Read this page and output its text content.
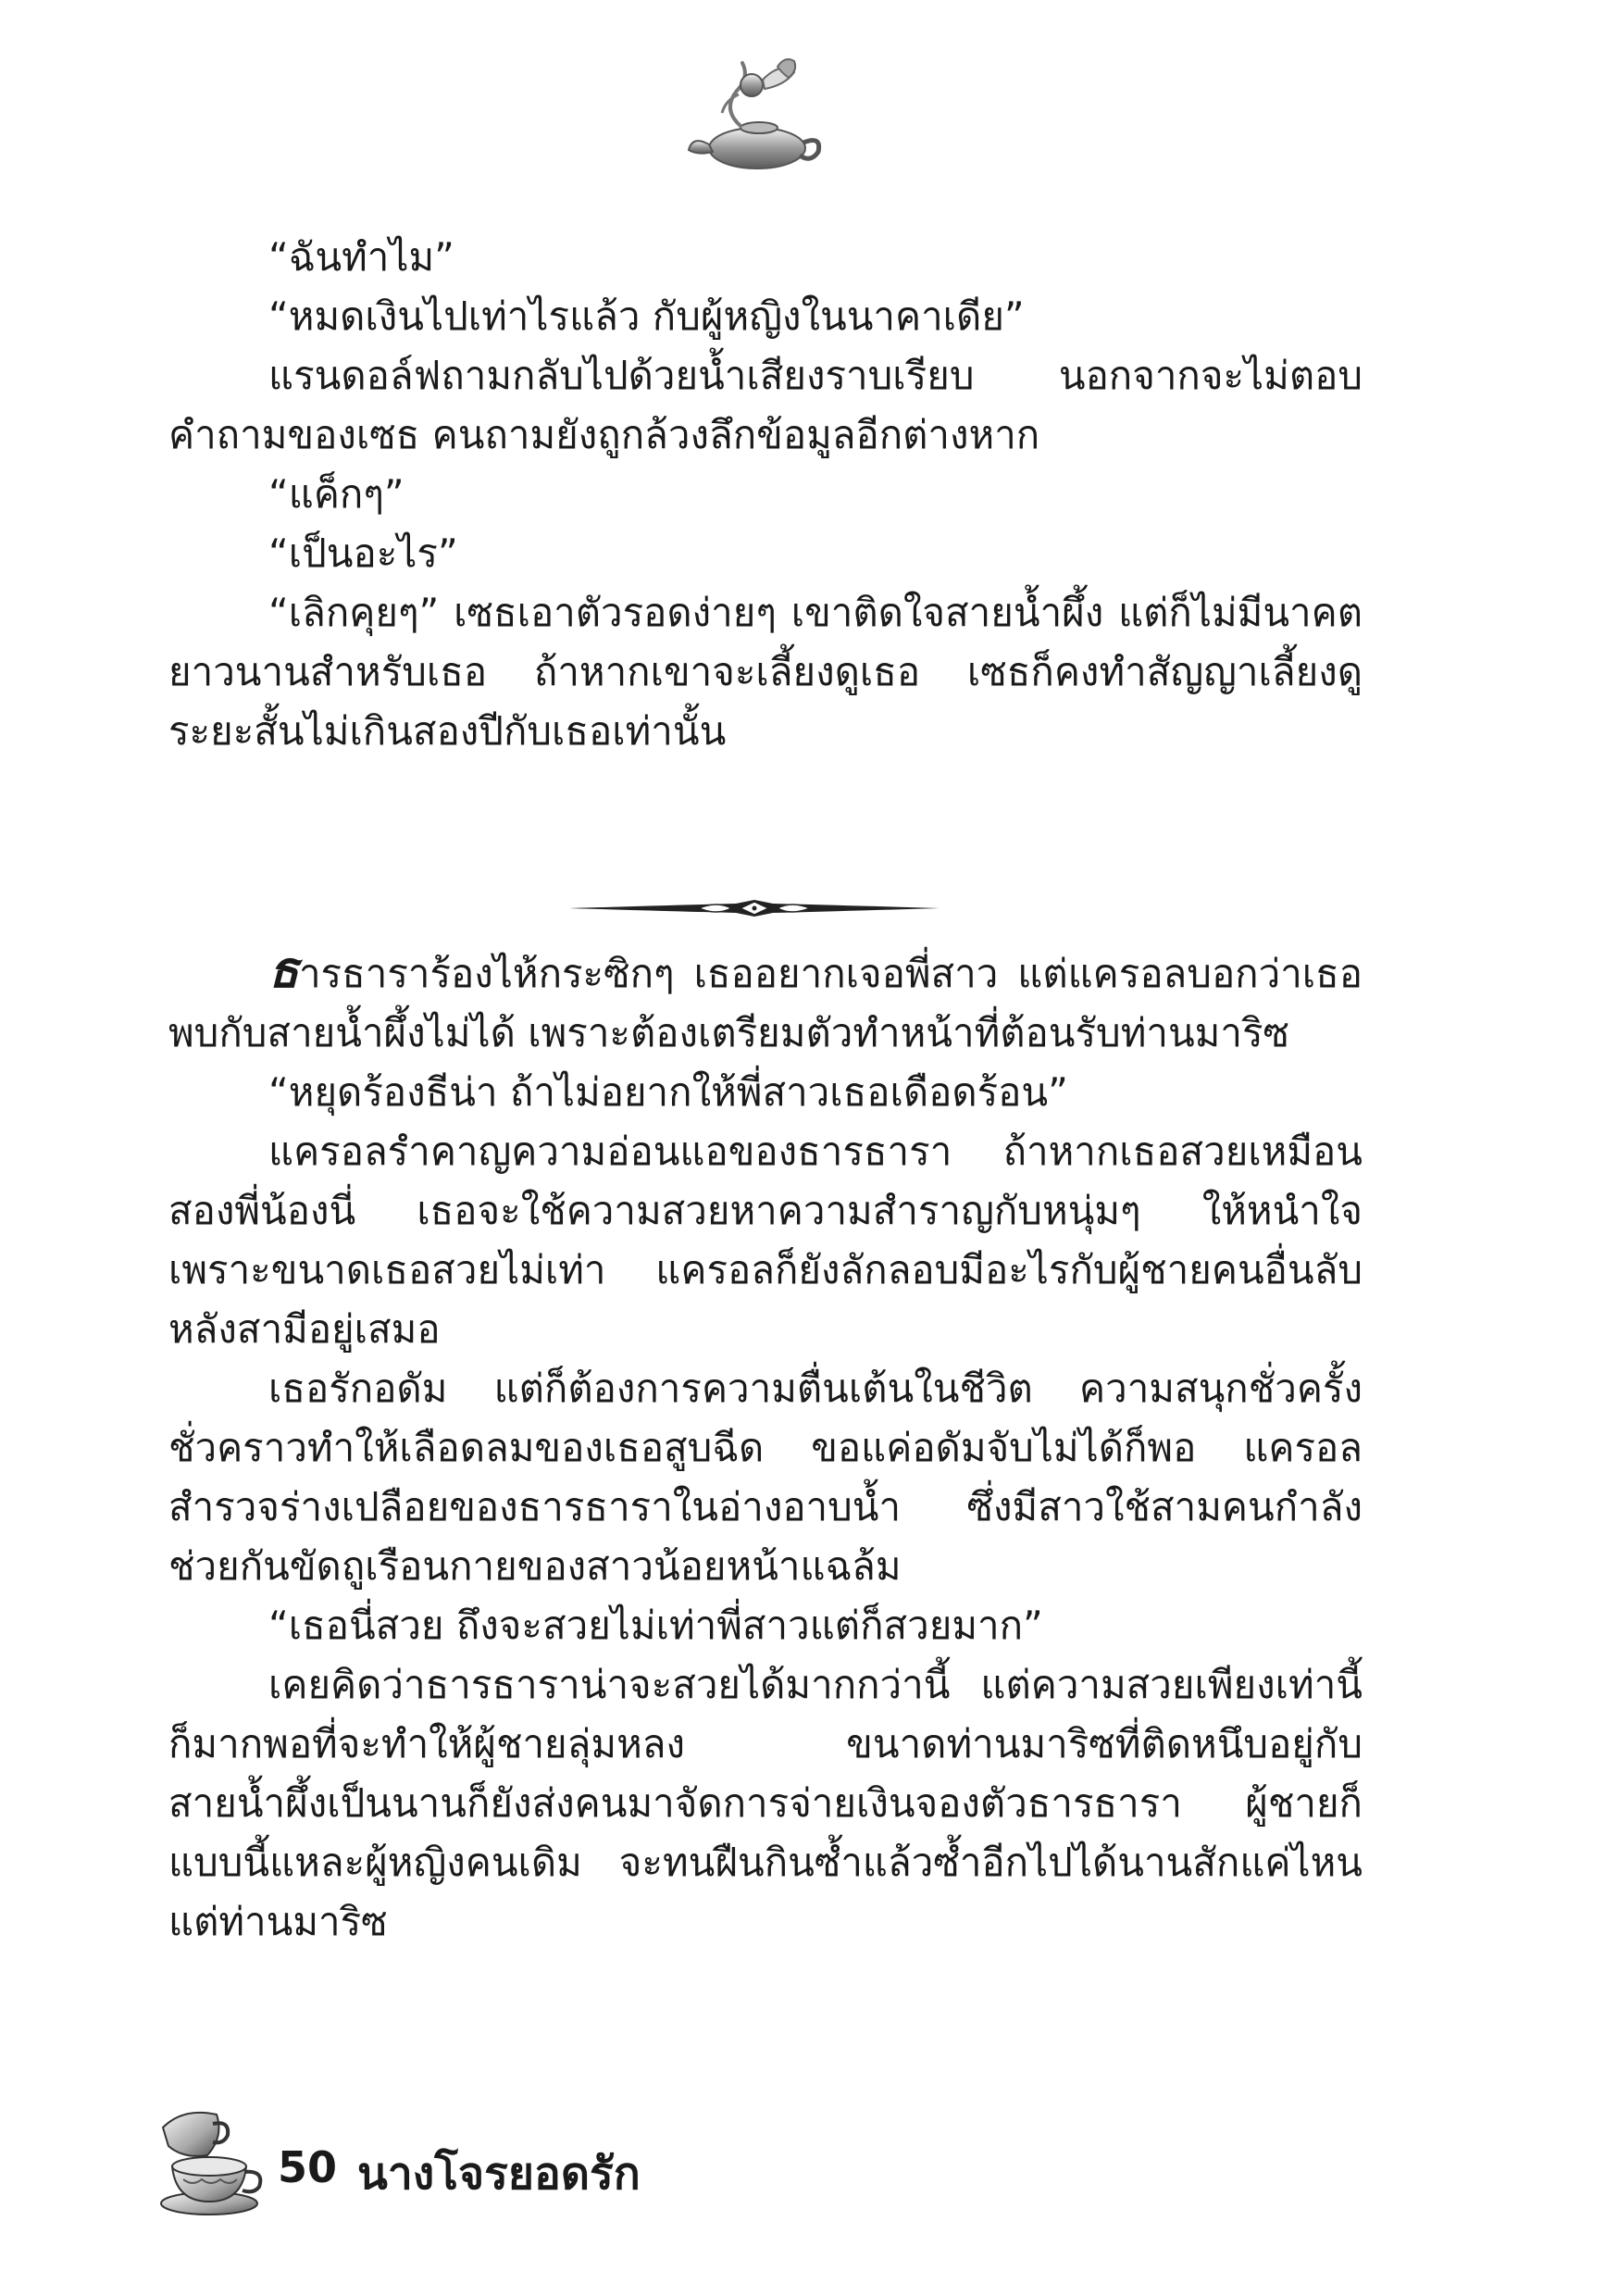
“ฉันทำไม”

“หมดเงินไปเท่าไรแล้ว กับผู้หญิงในนาคาเดีย”

แรนดอล์ฟถามกลับไปด้วยน้ำเสียงราบเรียบ นอกจากจะไม่ตอบคำถามของเซธ คนถามยังถูกล้วงลึกข้อมูลอีกต่างหาก

“แค็กๆ”

“เป็นอะไร”

“เลิกคุยๆ” เซธเอาตัวรอดง่ายๆ เขาติดใจสายน้ำผึ้ง แต่ก็ไม่มีนาคตยาวนานสำหรับเธอ ถ้าหากเขาจะเลี้ยงดูเธอ เซธก็คงทำสัญญาเลี้ยงดูระยะสั้นไม่เกินสองปีกับเธอเท่านั้น

ธารธาราร้องไห้กระซิกๆ เธออยากเจอพี่สาว แต่แครอลบอกว่าเธอพบกับสายน้ำผึ้งไม่ได้ เพราะต้องเตรียมตัวทำหน้าที่ต้อนรับท่านมาริซ

“หยุดร้องธีน่า ถ้าไม่อยากให้พี่สาวเธอเดือดร้อน”

แครอลรำคาญความอ่อนแอของธารธารา ถ้าหากเธอสวยเหมือนสองพี่น้องนี่ เธอจะใช้ความสวยหาความสำราญกับหนุ่มๆ ให้หนำใจ เพราะขนาดเธอสวยไม่เท่า แครอลก็ยังลักลอบมีอะไรกับผู้ชายคนอื่นลับหลังสามีอยู่เสมอ

เธอรักอดัม แต่ก็ต้องการความตื่นเต้นในชีวิต ความสนุกชั่วครั้งชั่วคราวทำให้เลือดลมของเธอสูบฉีด ขอแค่อดัมจับไม่ได้ก็พอ แครอลสำรวจร่างเปลือยของธารธาราในอ่างอาบน้ำ ซึ่งมีสาวใช้สามคนกำลังช่วยกันขัดถูเรือนกายของสาวน้อยหน้าแฉล้ม

“เธอนี่สวย ถึงจะสวยไม่เท่าพี่สาวแต่ก็สวยมาก”

เคยคิดว่าธารธาราน่าจะสวยได้มากกว่านี้ แต่ความสวยเพียงเท่านี้ก็มากพอที่จะทำให้ผู้ชายลุ่มหลง ขนาดท่านมาริซที่ติดหนึบอยู่กับสายน้ำผึ้งเป็นนานก็ยังส่งคนมาจัดการจ่ายเงินจองตัวธารธารา ผู้ชายก็แบบนี้แหละผู้หญิงคนเดิม จะทนฝืนกินซ้ำแล้วซ้ำอีกไปได้นานสักแค่ไหน แต่ท่านมาริซ

50 นางโจรยอดรัก
